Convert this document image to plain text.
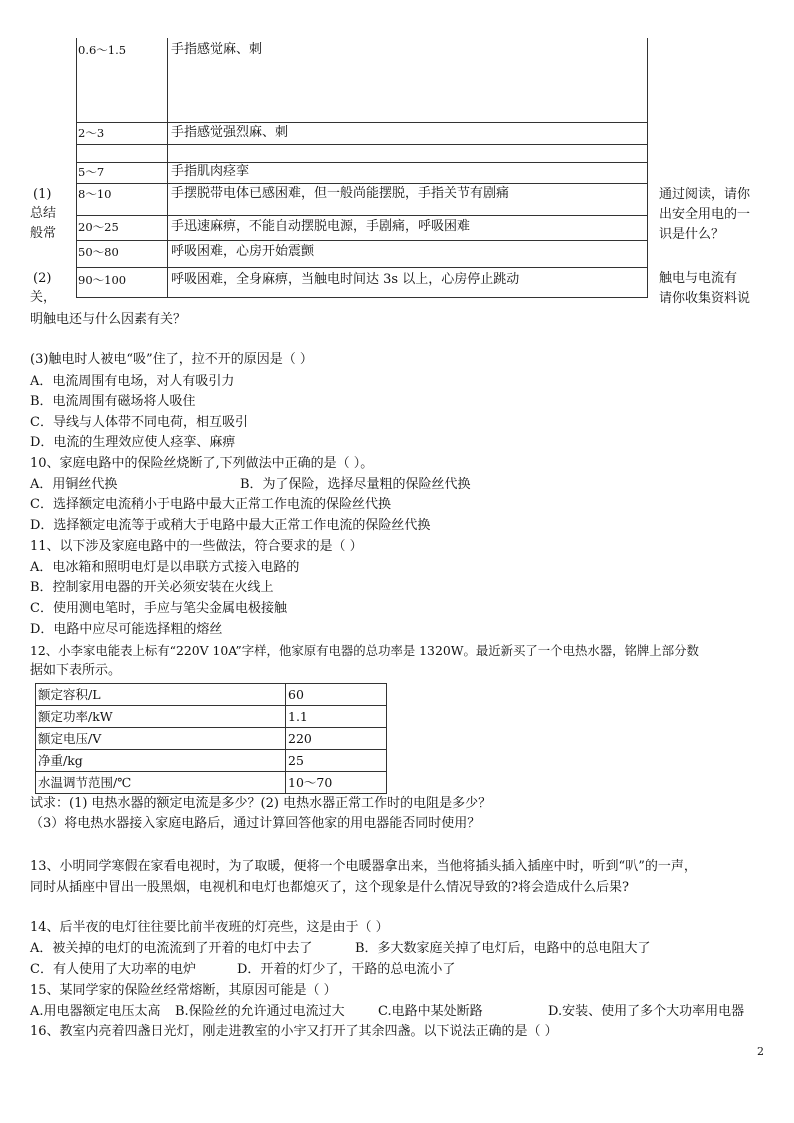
0.6～1.5	手指感觉麻、刺
2～3	手指感觉强烈麻、刺
5～7	手指肌肉痉挛
8～10	手摆脱带电体已感困难，但一般尚能摆脱，手指关节有剧痛
20～25	手迅速麻痹，不能自动摆脱电源，手剧痛，呼吸困难
50～80	呼吸困难，心房开始震颤
90～100	呼吸困难，全身麻痹，当触电时间达 3s 以上，心房停止跳动
(1)
总结
般常
(2)
关，
通过阅读，请你
出安全用电的一
识是什么？
触电与电流有
请你收集资料说
明触电还与什么因素有关？
(3)触电时人被电“吸”住了，拉不开的原因是（ ）
A．电流周围有电场，对人有吸引力
B．电流周围有磁场将人吸住
C．导线与人体带不同电荷，相互吸引
D．电流的生理效应使人痉挛、麻痹
10、家庭电路中的保险丝烧断了,下列做法中正确的是（ ）。
A．用铜丝代换	B．为了保险，选择尽量粗的保险丝代换
C．选择额定电流稍小于电路中最大正常工作电流的保险丝代换
D．选择额定电流等于或稍大于电路中最大正常工作电流的保险丝代换
11、以下涉及家庭电路中的一些做法，符合要求的是（ ）
A．电冰箱和照明电灯是以串联方式接入电路的
B．控制家用电器的开关必须安装在火线上
C．使用测电笔时，手应与笔尖金属电极接触
D．电路中应尽可能选择粗的熔丝
12、小李家电能表上标有“220V 10A”字样，他家原有电器的总功率是 1320W。最近新买了一个电热水器，铭牌上部分数
据如下表所示。
额定容积/L	60
额定功率/kW	1.1
额定电压/V	220
净重/kg	25
水温调节范围/℃	10～70
试求：(1) 电热水器的额定电流是多少？(2) 电热水器正常工作时的电阻是多少？
（3）将电热水器接入家庭电路后，通过计算回答他家的用电器能否同时使用？
13、小明同学寒假在家看电视时，为了取暖，便将一个电暖器拿出来，当他将插头插入插座中时，听到“叭”的一声，
同时从插座中冒出一股黑烟，电视机和电灯也都熄灭了，这个现象是什么情况导致的?将会造成什么后果?
14、后半夜的电灯往往要比前半夜班的灯亮些，这是由于（ ）
A．被关掉的电灯的电流流到了开着的电灯中去了	B．多大数家庭关掉了电灯后，电路中的总电阻大了
C．有人使用了大功率的电炉	D．开着的灯少了，干路的总电流小了
15、某同学家的保险丝经常熔断，其原因可能是（ ）
A.用电器额定电压太高 B.保险丝的允许通过电流过大	C.电路中某处断路	D.安装、使用了多个大功率用电器
16、教室内亮着四盏日光灯，刚走进教室的小宇又打开了其余四盏。以下说法正确的是（ ）
2
